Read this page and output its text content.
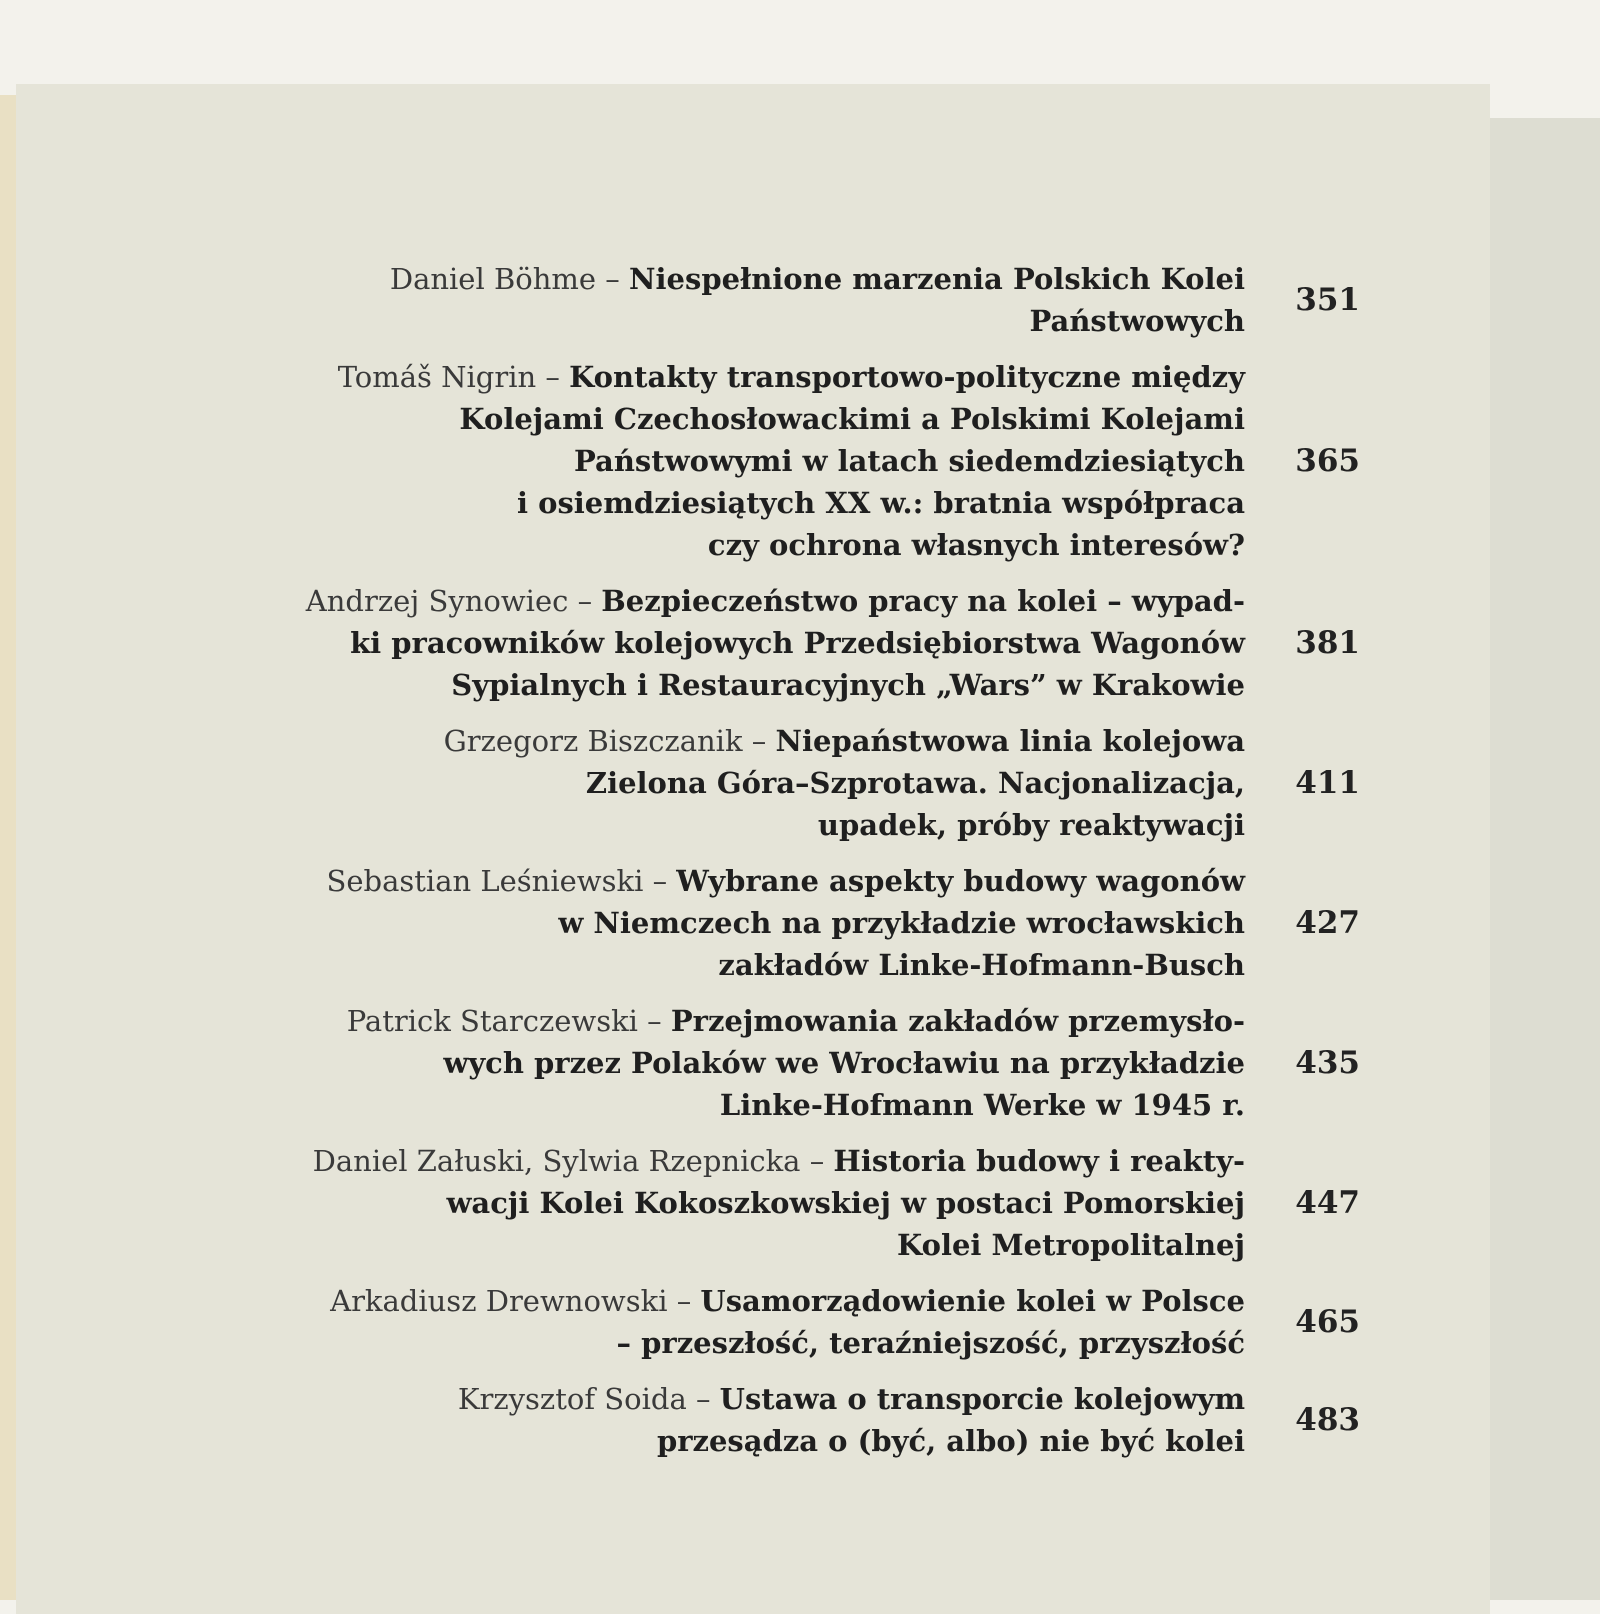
Daniel Böhme – Niespełnione marzenia Polskich Kolei
Państwowych
351
Tomáš Nigrin – Kontakty transportowo-polityczne między
Kolejami Czechosłowackimi a Polskimi Kolejami
Państwowymi w latach siedemdziesiątych
i osiemdziesiątych XX w.: bratnia współpraca
czy ochrona własnych interesów?
365
Andrzej Synowiec – Bezpieczeństwo pracy na kolei – wypad-
ki pracowników kolejowych Przedsiębiorstwa Wagonów
Sypialnych i Restauracyjnych „Wars” w Krakowie
381
Grzegorz Biszczanik – Niepaństwowa linia kolejowa
Zielona Góra–Szprotawa. Nacjonalizacja,
upadek, próby reaktywacji
411
Sebastian Leśniewski – Wybrane aspekty budowy wagonów
w Niemczech na przykładzie wrocławskich
zakładów Linke-Hofmann-Busch
427
Patrick Starczewski – Przejmowania zakładów przemysło-
wych przez Polaków we Wrocławiu na przykładzie
Linke-Hofmann Werke w 1945 r.
435
Daniel Załuski, Sylwia Rzepnicka – Historia budowy i reakty-
wacji Kolei Kokoszkowskiej w postaci Pomorskiej
Kolei Metropolitalnej
447
Arkadiusz Drewnowski – Usamorządowienie kolei w Polsce
– przeszłość, teraźniejszość, przyszłość
465
Krzysztof Soida – Ustawa o transporcie kolejowym
przesądza o (być, albo) nie być kolei
483
